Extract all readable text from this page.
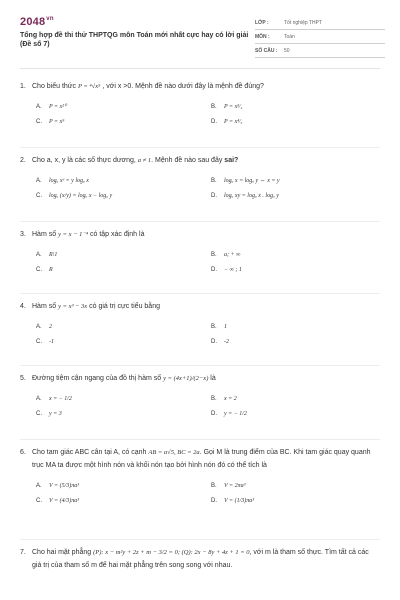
$2048^{vn}$
Tổng hợp đề thi thử THPTQG môn Toán mới nhất cực hay có lời giải (Đề số 7)
LỚP :	Tốt nghiệp THPT
MÔN :	Toán
SỐ CÂU :	50
1. Cho biểu thức P = ⁴√x⁵ , với x >0. Mệnh đề nào dưới đây là mệnh đề đúng?
A.	P = x²⁰	B.	P = x⁵⁄₄
C.	P = x⁹	D.	P = x⁴⁄₅
2. Cho a, x, y là các số thực dương, a ≠ 1. Mệnh đề nào sau đây sai?
A.	logₐ xʸ = y logₐ x	B.	logₐ x = logₐ y ⇔ x = y
C.	logₐ (x/y) = logₐ x − logₐ y	D.	logₐ xy = logₐ x . logₐ y
3. Hàm số y = x − 1⁻⁴ có tập xác định là
A.	R\1	B.	a; + ∞
C.	R	D.	− ∞ ; 1
4. Hàm số y = x³ − 3x có giá trị cực tiểu bằng
A.	2	B.	1
C.	-1	D.	-2
5. Đường tiệm cận ngang của đồ thị hàm số y = (4x+1)/(2−x) là
A.	x = − 1/2	B.	x = 2
C.	y = 3	D.	y = − 1/2
6. Cho tam giác ABC cân tại A, có cạnh AB = a√5, BC = 2a. Gọi M là trung điểm của BC. Khi tam giác quay quanh trục MA ta được một hình nón và khối nón tạo bởi hình nón đó có thể tích là
A.	V = (5/3)πa³	B.	V = 2πa³
C.	V = (4/3)πa³	D.	V = (1/3)πa³
7. Cho hai mặt phẳng (P): x − m²y + 2z + m − 3/2 = 0; (Q): 2x − 8y + 4z + 1 = 0, với m là tham số thực. Tìm tất cả các giá trị của tham số m để hai mặt phẳng trên song song với nhau.
